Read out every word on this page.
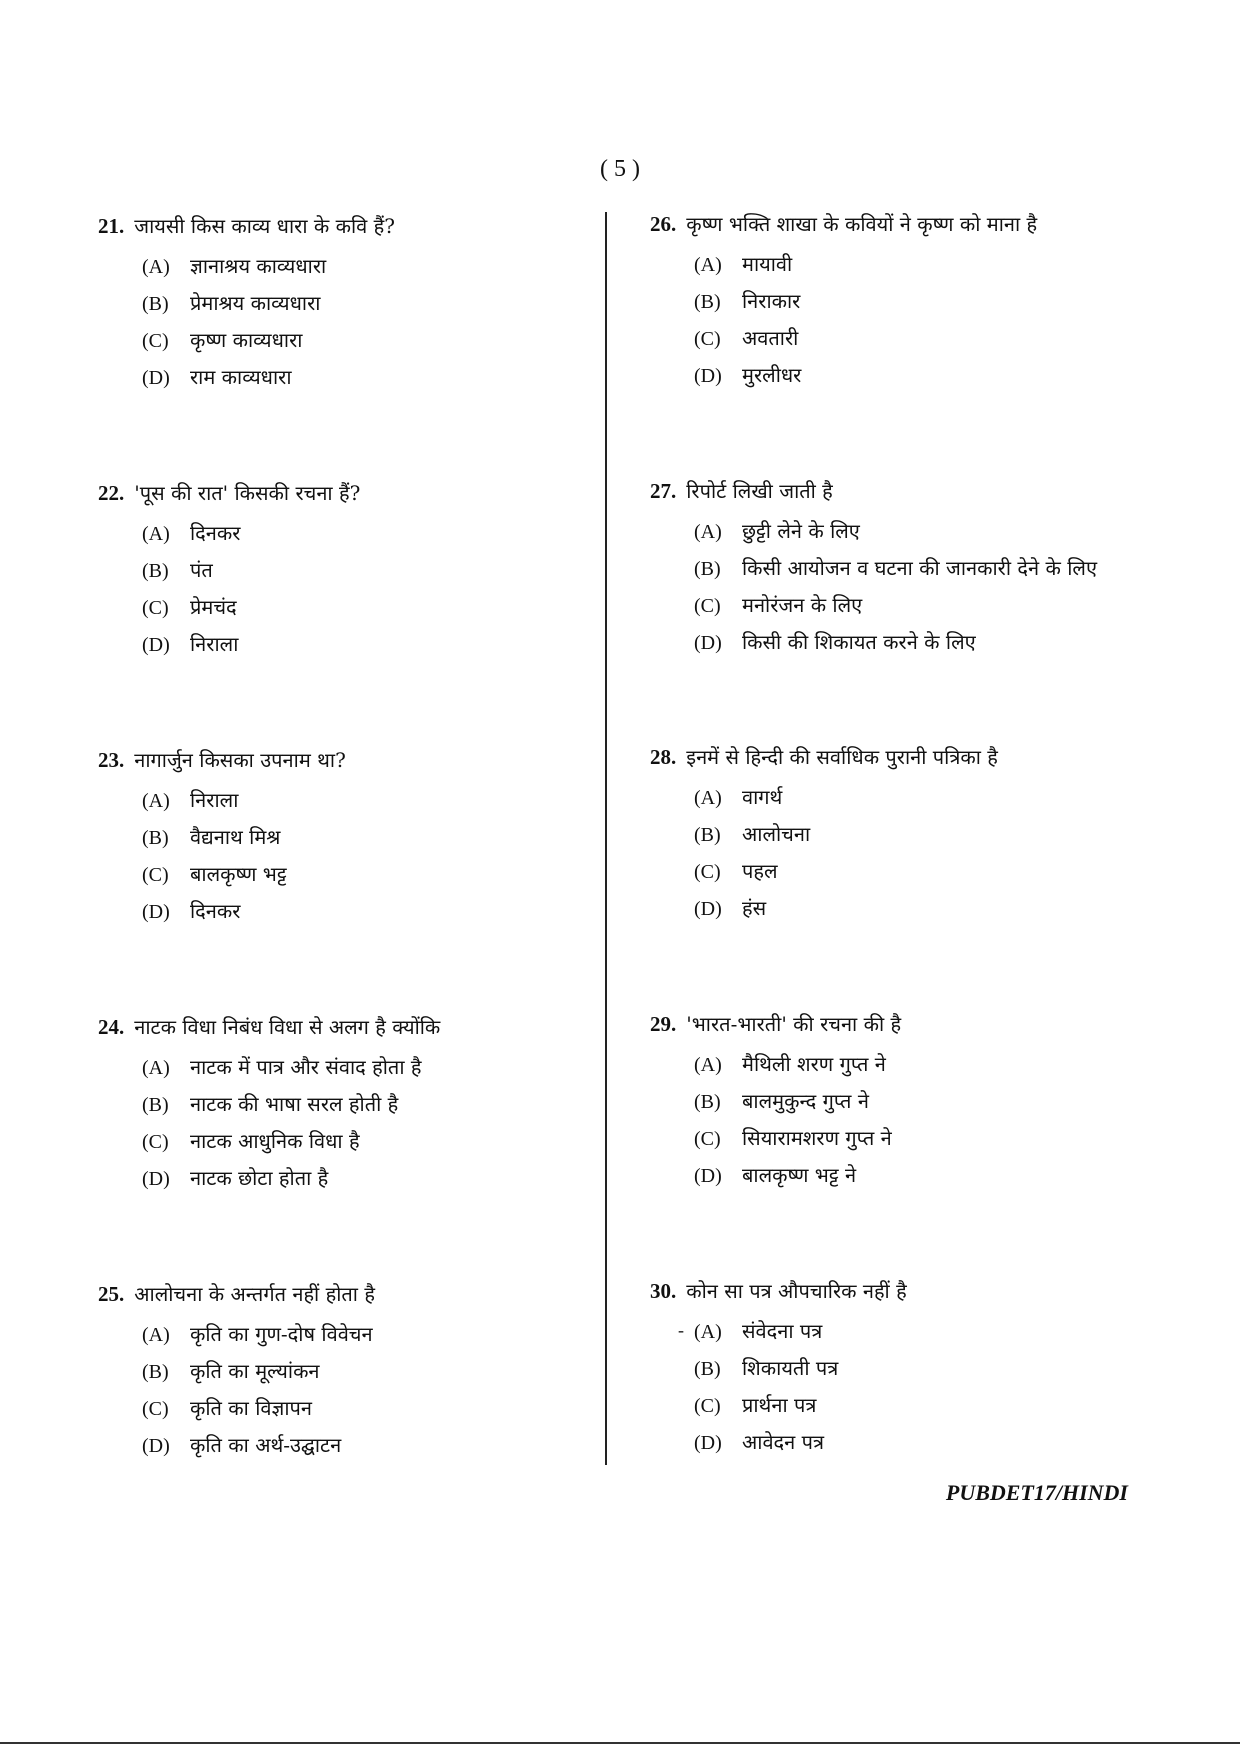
( 5 )
21. जायसी किस काव्य धारा के कवि हैं?
(A) ज्ञानाश्रय काव्यधारा
(B) प्रेमाश्रय काव्यधारा
(C) कृष्ण काव्यधारा
(D) राम काव्यधारा
22. 'पूस की रात' किसकी रचना हैं?
(A) दिनकर
(B) पंत
(C) प्रेमचंद
(D) निराला
23. नागार्जुन किसका उपनाम था?
(A) निराला
(B) वैद्यनाथ मिश्र
(C) बालकृष्ण भट्ट
(D) दिनकर
24. नाटक विधा निबंध विधा से अलग है क्योंकि
(A) नाटक में पात्र और संवाद होता है
(B) नाटक की भाषा सरल होती है
(C) नाटक आधुनिक विधा है
(D) नाटक छोटा होता है
25. आलोचना के अन्तर्गत नहीं होता है
(A) कृति का गुण-दोष विवेचन
(B) कृति का मूल्यांकन
(C) कृति का विज्ञापन
(D) कृति का अर्थ-उद्घाटन
26. कृष्ण भक्ति शाखा के कवियों ने कृष्ण को माना है
(A) मायावी
(B) निराकार
(C) अवतारी
(D) मुरलीधर
27. रिपोर्ट लिखी जाती है
(A) छुट्टी लेने के लिए
(B) किसी आयोजन व घटना की जानकारी देने के लिए
(C) मनोरंजन के लिए
(D) किसी की शिकायत करने के लिए
28. इनमें से हिन्दी की सर्वाधिक पुरानी पत्रिका है
(A) वागर्थ
(B) आलोचना
(C) पहल
(D) हंस
29. 'भारत-भारती' की रचना की है
(A) मैथिली शरण गुप्त ने
(B) बालमुकुन्द गुप्त ने
(C) सियारामशरण गुप्त ने
(D) बालकृष्ण भट्ट ने
30. कोन सा पत्र औपचारिक नहीं है
(A) संवेदना पत्र
(B) शिकायती पत्र
(C) प्रार्थना पत्र
(D) आवेदन पत्र
-
PUBDET17/HINDI
